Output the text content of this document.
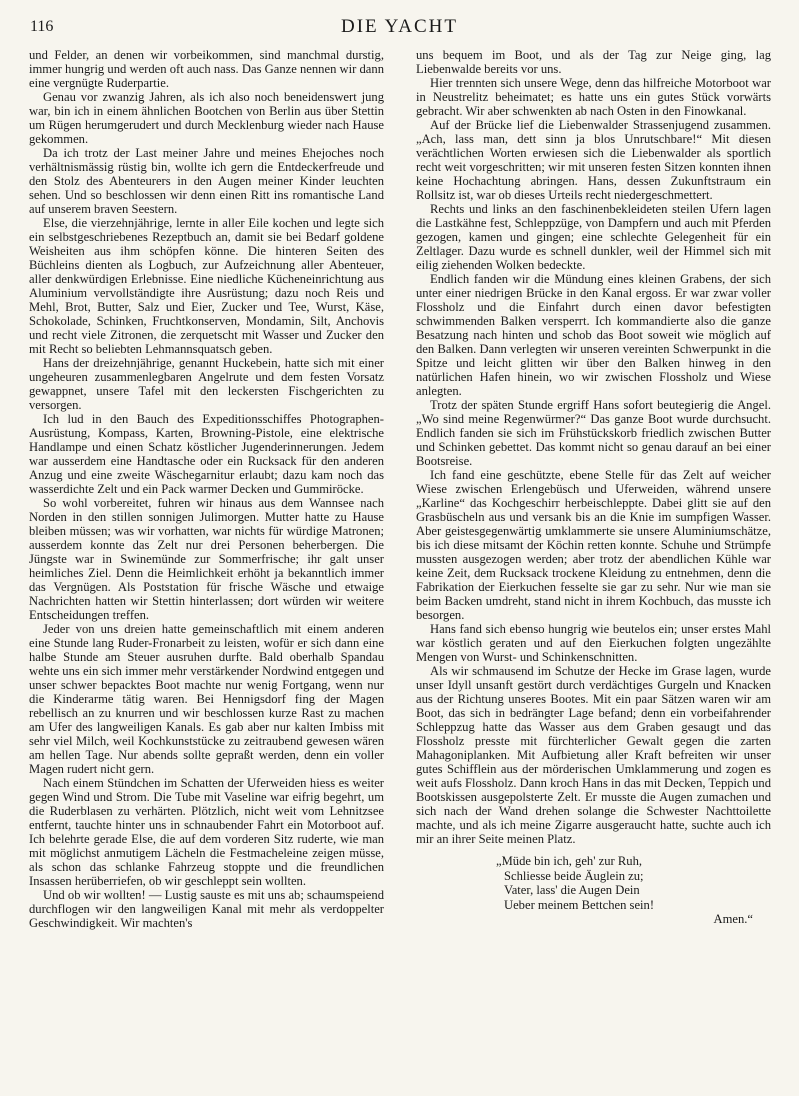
116	DIE YACHT

und Felder, an denen wir vorbeikommen, sind manchmal durstig, immer hungrig und werden oft auch nass. Das Ganze nennen wir dann eine vergnügte Ruderpartie.

Genau vor zwanzig Jahren, als ich also noch beneidenswert jung war, bin ich in einem ähnlichen Bootchen von Berlin aus über Stettin um Rügen herumgerudert und durch Mecklenburg wieder nach Hause gekommen.

Da ich trotz der Last meiner Jahre und meines Ehejoches noch verhältnismässig rüstig bin, wollte ich gern die Entdeckerfreude und den Stolz des Abenteurers in den Augen meiner Kinder leuchten sehen. Und so beschlossen wir denn einen Ritt ins romantische Land auf unserem braven Seestern.

Else, die vierzehnjährige, lernte in aller Eile kochen und legte sich ein selbstgeschriebenes Rezeptbuch an, damit sie bei Bedarf goldene Weisheiten aus ihm schöpfen könne. Die hinteren Seiten des Büchleins dienten als Logbuch, zur Aufzeichnung aller Abenteuer, aller denkwürdigen Erlebnisse. Eine niedliche Kücheneinrichtung aus Aluminium vervollständigte ihre Ausrüstung; dazu noch Reis und Mehl, Brot, Butter, Salz und Eier, Zucker und Tee, Wurst, Käse, Schokolade, Schinken, Fruchtkonserven, Mondamin, Silt, Anchovis und recht viele Zitronen, die zerquetscht mit Wasser und Zucker den mit Recht so beliebten Lehmannsquatsch geben.

Hans der dreizehnjährige, genannt Huckebein, hatte sich mit einer ungeheuren zusammenlegbaren Angelrute und dem festen Vorsatz gewappnet, unsere Tafel mit den leckersten Fischgerichten zu versorgen.

Ich lud in den Bauch des Expeditionsschiffes Photographen-Ausrüstung, Kompass, Karten, Browning-Pistole, eine elektrische Handlampe und einen Schatz köstlicher Jugenderinnerungen. Jedem war ausserdem eine Handtasche oder ein Rucksack für den anderen Anzug und eine zweite Wäschegarnitur erlaubt; dazu kam noch das wasserdichte Zelt und ein Pack warmer Decken und Gummiröcke.

So wohl vorbereitet, fuhren wir hinaus aus dem Wannsee nach Norden in den stillen sonnigen Julimorgen. Mutter hatte zu Hause bleiben müssen; was wir vorhatten, war nichts für würdige Matronen; ausserdem konnte das Zelt nur drei Personen beherbergen. Die Jüngste war in Swinemünde zur Sommerfrische; ihr galt unser heimliches Ziel. Denn die Heimlichkeit erhöht ja bekanntlich immer das Vergnügen. Als Poststation für frische Wäsche und etwaige Nachrichten hatten wir Stettin hinterlassen; dort würden wir weitere Entscheidungen treffen.

Jeder von uns dreien hatte gemeinschaftlich mit einem anderen eine Stunde lang Ruder-Fronarbeit zu leisten, wofür er sich dann eine halbe Stunde am Steuer ausruhen durfte. Bald oberhalb Spandau wehte uns ein sich immer mehr verstärkender Nordwind entgegen und unser schwer bepacktes Boot machte nur wenig Fortgang, wenn nur die Kinderarme tätig waren. Bei Hennigsdorf fing der Magen rebellisch an zu knurren und wir beschlossen kurze Rast zu machen am Ufer des langweiligen Kanals. Es gab aber nur kalten Imbiss mit sehr viel Milch, weil Kochkunststücke zu zeitraubend gewesen wären am hellen Tage. Nur abends sollte gepraßt werden, denn ein voller Magen rudert nicht gern.

Nach einem Stündchen im Schatten der Uferweiden hiess es weiter gegen Wind und Strom. Die Tube mit Vaseline war eifrig begehrt, um die Ruderblasen zu verhärten. Plötzlich, nicht weit vom Lehnitzsee entfernt, tauchte hinter uns in schnaubender Fahrt ein Motorboot auf. Ich belehrte gerade Else, die auf dem vorderen Sitz ruderte, wie man mit möglichst anmutigem Lächeln die Festmacheleine zeigen müsse, als schon das schlanke Fahrzeug stoppte und die freundlichen Insassen herüberriefen, ob wir geschleppt sein wollten.

Und ob wir wollten! — Lustig sauste es mit uns ab; schaumspeiend durchflogen wir den langweiligen Kanal mit mehr als verdoppelter Geschwindigkeit. Wir machten's

uns bequem im Boot, und als der Tag zur Neige ging, lag Liebenwalde bereits vor uns.

Hier trennten sich unsere Wege, denn das hilfreiche Motorboot war in Neustrelitz beheimatet; es hatte uns ein gutes Stück vorwärts gebracht. Wir aber schwenkten ab nach Osten in den Finowkanal.

Auf der Brücke lief die Liebenwalder Strassenjugend zusammen. „Ach, lass man, dett sinn ja blos Unrutschbare!“ Mit diesen verächtlichen Worten erwiesen sich die Liebenwalder als sportlich recht weit vorgeschritten; wir mit unseren festen Sitzen konnten ihnen keine Hochachtung abringen. Hans, dessen Zukunftstraum ein Rollsitz ist, war ob dieses Urteils recht niedergeschmettert.

Rechts und links an den faschinenbekleideten steilen Ufern lagen die Lastkähne fest, Schleppzüge, von Dampfern und auch mit Pferden gezogen, kamen und gingen; eine schlechte Gelegenheit für ein Zeltlager. Dazu wurde es schnell dunkler, weil der Himmel sich mit eilig ziehenden Wolken bedeckte.

Endlich fanden wir die Mündung eines kleinen Grabens, der sich unter einer niedrigen Brücke in den Kanal ergoss. Er war zwar voller Flossholz und die Einfahrt durch einen davor befestigten schwimmenden Balken versperrt. Ich kommandierte also die ganze Besatzung nach hinten und schob das Boot soweit wie möglich auf den Balken. Dann verlegten wir unseren vereinten Schwerpunkt in die Spitze und leicht glitten wir über den Balken hinweg in den natürlichen Hafen hinein, wo wir zwischen Flossholz und Wiese anlegten.

Trotz der späten Stunde ergriff Hans sofort beutegierig die Angel. „Wo sind meine Regenwürmer?“ Das ganze Boot wurde durchsucht. Endlich fanden sie sich im Frühstückskorb friedlich zwischen Butter und Schinken gebettet. Das kommt nicht so genau darauf an bei einer Bootsreise.

Ich fand eine geschützte, ebene Stelle für das Zelt auf weicher Wiese zwischen Erlengebüsch und Uferweiden, während unsere „Karline“ das Kochgeschirr herbeischleppte. Dabei glitt sie auf den Grasbüscheln aus und versank bis an die Knie im sumpfigen Wasser. Aber geistesgegenwärtig umklammerte sie unsere Aluminiumschätze, bis ich diese mitsamt der Köchin retten konnte. Schuhe und Strümpfe mussten ausgezogen werden; aber trotz der abendlichen Kühle war keine Zeit, dem Rucksack trockene Kleidung zu entnehmen, denn die Fabrikation der Eierkuchen fesselte sie gar zu sehr. Nur wie man sie beim Backen umdreht, stand nicht in ihrem Kochbuch, das musste ich besorgen.

Hans fand sich ebenso hungrig wie beutelos ein; unser erstes Mahl war köstlich geraten und auf den Eierkuchen folgten ungezählte Mengen von Wurst- und Schinkenschnitten.

Als wir schmausend im Schutze der Hecke im Grase lagen, wurde unser Idyll unsanft gestört durch verdächtiges Gurgeln und Knacken aus der Richtung unseres Bootes. Mit ein paar Sätzen waren wir am Boot, das sich in bedrängter Lage befand; denn ein vorbeifahrender Schleppzug hatte das Wasser aus dem Graben gesaugt und das Flossholz presste mit fürchterlicher Gewalt gegen die zarten Mahagoniplanken. Mit Aufbietung aller Kraft befreiten wir unser gutes Schifflein aus der mörderischen Umklammerung und zogen es weit aufs Flossholz. Dann kroch Hans in das mit Decken, Teppich und Bootskissen ausgepolsterte Zelt. Er musste die Augen zumachen und sich nach der Wand drehen solange die Schwester Nachttoilette machte, und als ich meine Zigarre ausgeraucht hatte, suchte auch ich mir an ihrer Seite meinen Platz.

„Müde bin ich, geh' zur Ruh,
Schliesse beide Äuglein zu;
Vater, lass' die Augen Dein
Ueber meinem Bettchen sein!
Amen.“
